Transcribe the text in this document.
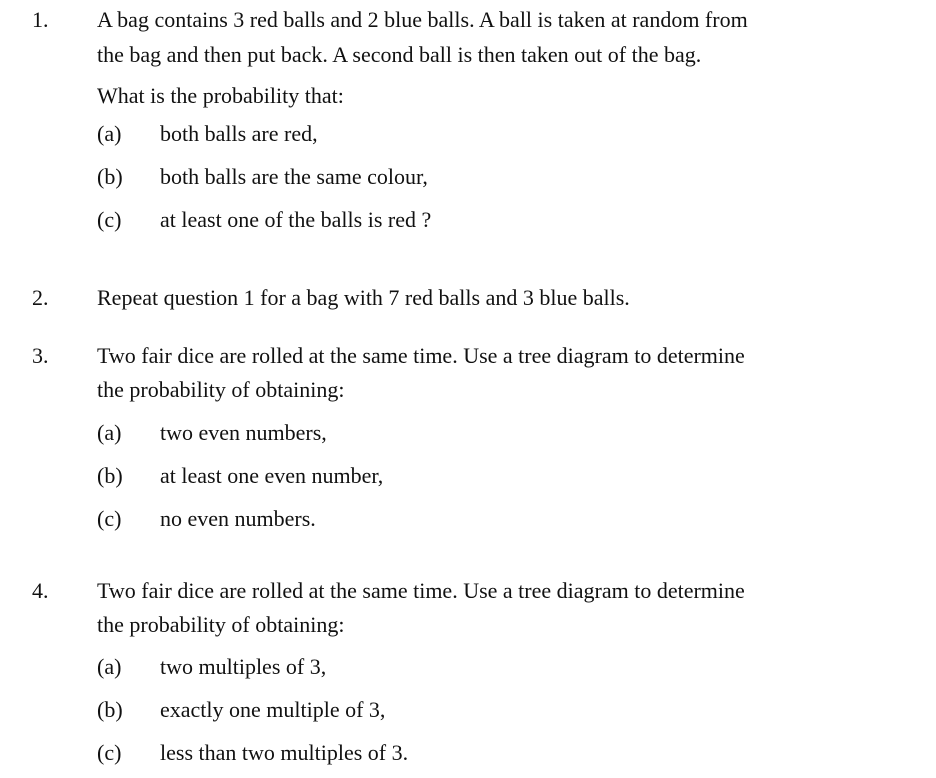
1. A bag contains 3 red balls and 2 blue balls. A ball is taken at random from
the bag and then put back. A second ball is then taken out of the bag.
What is the probability that:
(a) both balls are red,
(b) both balls are the same colour,
(c) at least one of the balls is red ?
2. Repeat question 1 for a bag with 7 red balls and 3 blue balls.
3. Two fair dice are rolled at the same time. Use a tree diagram to determine
the probability of obtaining:
(a) two even numbers,
(b) at least one even number,
(c) no even numbers.
4. Two fair dice are rolled at the same time. Use a tree diagram to determine
the probability of obtaining:
(a) two multiples of 3,
(b) exactly one multiple of 3,
(c) less than two multiples of 3.
